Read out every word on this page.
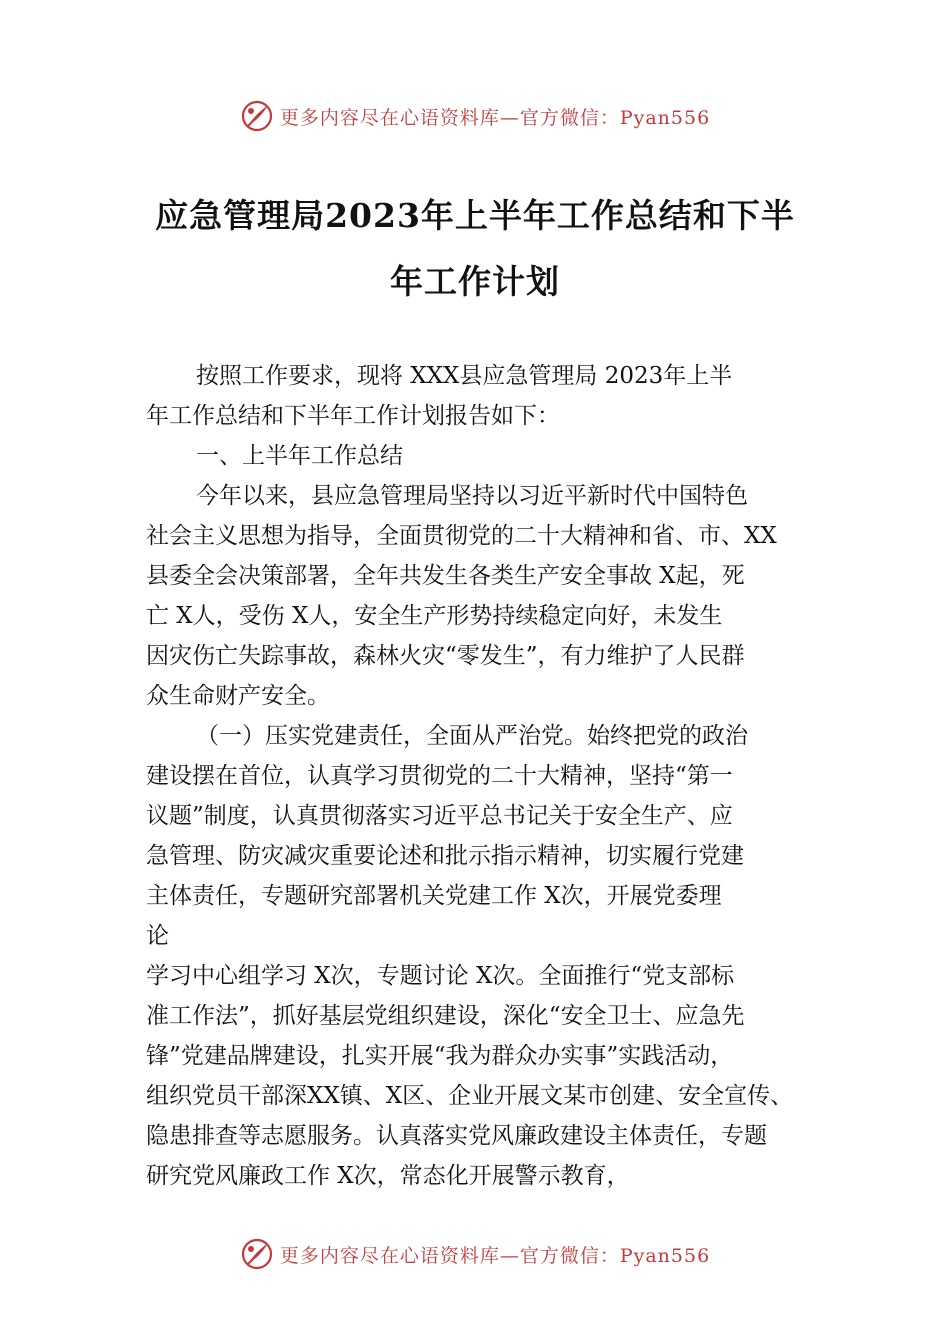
更多内容尽在心语资料库—官方微信：Pyan556
应急管理局2023年上半年工作总结和下半
年工作计划
按照工作要求，现将 XXX县应急管理局 2023年上半
年工作总结和下半年工作计划报告如下：
一、上半年工作总结
今年以来，县应急管理局坚持以习近平新时代中国特色
社会主义思想为指导，全面贯彻党的二十大精神和省、市、XX
县委全会决策部署，全年共发生各类生产安全事故 X起，死
亡 X人，受伤 X人，安全生产形势持续稳定向好，未发生
因灾伤亡失踪事故，森林火灾“零发生”，有力维护了人民群
众生命财产安全。
（一）压实党建责任，全面从严治党。始终把党的政治
建设摆在首位，认真学习贯彻党的二十大精神，坚持“第一
议题”制度，认真贯彻落实习近平总书记关于安全生产、应
急管理、防灾减灾重要论述和批示指示精神，切实履行党建
主体责任，专题研究部署机关党建工作 X次，开展党委理
论
学习中心组学习 X次，专题讨论 X次。全面推行“党支部标
准工作法”，抓好基层党组织建设，深化“安全卫士、应急先
锋”党建品牌建设，扎实开展“我为群众办实事”实践活动，
组织党员干部深XX镇、X区、企业开展文某市创建、安全宣传、
隐患排查等志愿服务。认真落实党风廉政建设主体责任，专题
研究党风廉政工作 X次，常态化开展警示教育，
更多内容尽在心语资料库—官方微信：Pyan556
